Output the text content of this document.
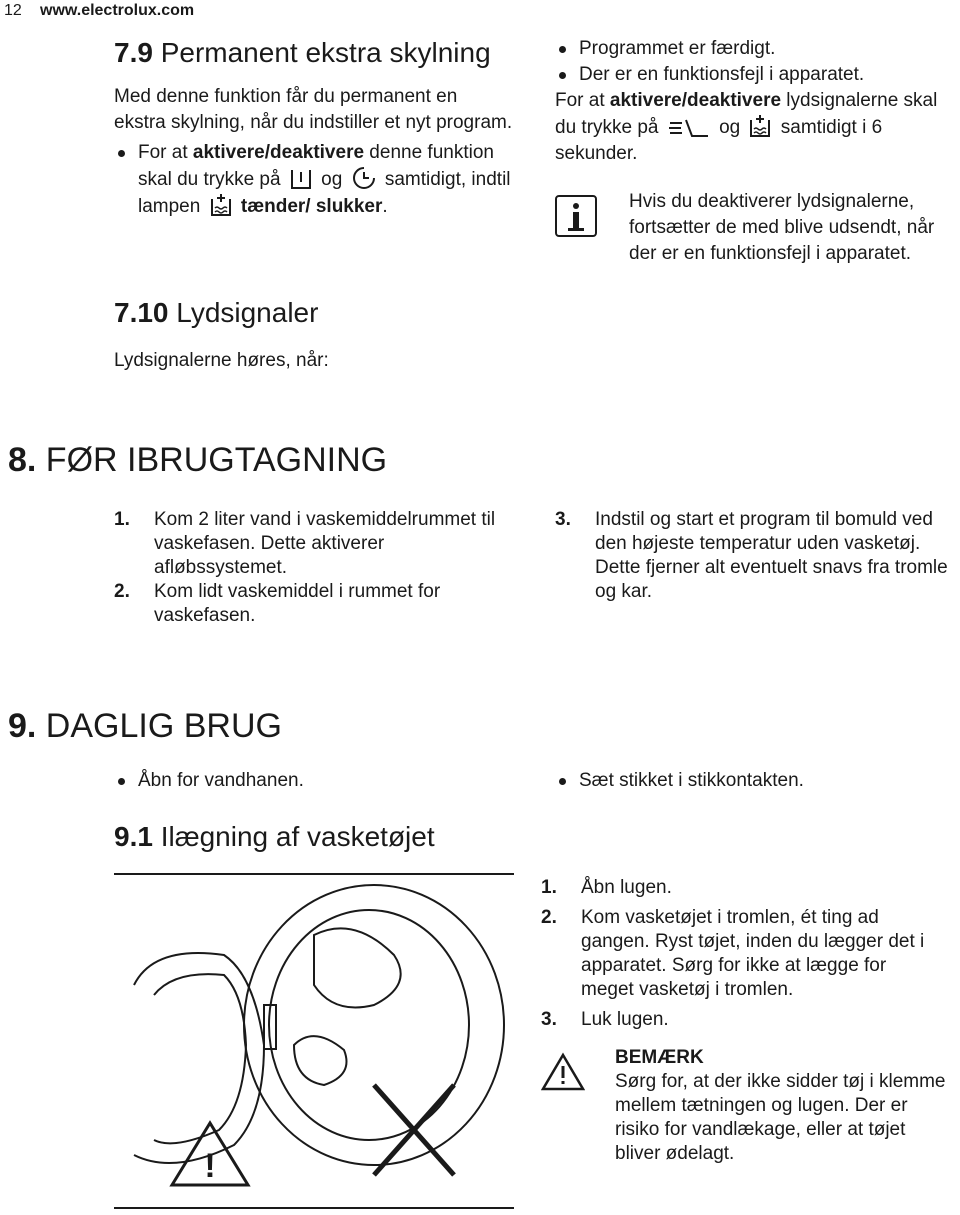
12 www.electrolux.com
7.9 Permanent ekstra skylning

Med denne funktion får du permanent en ekstra skylning, når du indstiller et nyt program.

For at aktivere/deaktivere denne funktion skal du trykke på og samtidigt, indtil lampen tænder/ slukker.
7.10 Lydsignaler

Lydsignalerne høres, når:

Programmet er færdigt.
Der er en funktionsfejl i apparatet.

For at aktivere/deaktivere lydsignalerne skal du trykke på	og samtidigt i 6 sekunder.

Hvis du deaktiverer lydsignalerne, fortsætter de med blive udsendt, når der er en funktionsfejl i apparatet.

8. FØR IBRUGTAGNING
1. Kom 2 liter vand i vaskemiddelrummet til vaskefasen. Dette aktiverer afløbssystemet.
2. Kom lidt vaskemiddel i rummet for vaskefasen.
3. Indstil og start et program til bomuld ved den højeste temperatur uden vasketøj. Dette fjerner alt eventuelt snavs fra tromle og kar.
9. DAGLIG BRUG
Åbn for vandhanen.	Sæt stikket i stikkontakten.
9.1 Ilægning af vasketøjet
!
1. Åbn lugen.
2. Kom vasketøjet i tromlen, ét ting ad gangen. Ryst tøjet, inden du lægger det i apparatet. Sørg for ikke at lægge for meget vasketøj i tromlen.
3. Luk lugen.
BEMÆRK
Sørg for, at der ikke sidder tøj i klemme mellem tætningen og lugen. Der er risiko for vandlækage, eller at tøjet bliver ødelagt.
